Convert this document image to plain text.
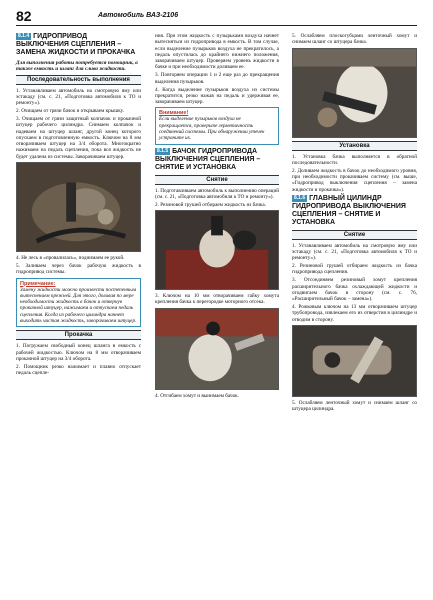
82	Автомобиль ВАЗ-2106
8.1.4 ГИДРОПРИВОД ВЫКЛЮЧЕНИЯ СЦЕПЛЕНИЯ – ЗАМЕНА ЖИДКОСТИ И ПРОКАЧКА
Для выполнения работы потребуется помощник, а также емкость и шланг для слива жидкости.
Последовательность выполнения
1. Устанавливаем автомобиль на смотровую яму или эстакаду (см. с. 21, «Подготовка автомобиля к ТО и ремонту»).
2. Очищаем от грязи бачок и открываем крышку.
3. Очищаем от грязи защитный колпачок и прокачной штуцер рабочего цилиндра. Снимаем колпачок и надеваем на штуцер шланг, другой конец которого опускаем в подготовленную емкость. Ключом на 8 мм отворачиваем штуцер на 3/4 оборота. Многократно нажимаем на педаль сцепления, пока вся жидкость не будет удалена из системы. Заворачиваем штуцер.
4. Не лесь в «провалилась», поднимаем ее рукой.
5. Заливаем через бачок рабочую жидкость в гидропривод системы.
Примечание:
Замену жидкости можно произвести постепенным вытеснением прежней. Для этого, доливая по мере необходимости жидкость в бачок и отвернув прокачной штуцер, нажимаем и отпускаем педаль сцепления. Когда из рабочего цилиндра начнет выходить чистая жидкость, заворачиваем штуцер.
Прокачка
1. Погружаем свободный конец шланга в емкость с рабочей жидкостью. Ключом на 8 мм отворачиваем прокачной штуцер на 3/4 оборота.
2. Помощник резко нажимает и плавно отпускает педаль сцепле-
ния. При этом жидкость с пузырьками воздуха начнет вытесняться из гидропривода в емкость. В том случае, если выделение пузырьков воздуха не прекратилось, а педаль опустилась до крайнего нижнего положения, заворачиваем штуцер. Проверяем уровень жидкости в бачке и при необходимости доливаем ее.
3. Повторяем операции 1 и 2 еще раз до прекращения выделения пузырьков.
4. Когда выделение пузырьков воздуха из системы прекратится, резко нажав на педаль и удерживая ее, заворачиваем штуцер.
Внимание!
Если выделение пузырьков воздуха не прекращается, проверьте герметичность соединений системы. При обнаружении утечек устраните их.
8.1.5 БАЧОК ГИДРОПРИВОДА ВЫКЛЮЧЕНИЯ СЦЕПЛЕНИЯ – СНЯТИЕ И УСТАНОВКА
Снятие
1. Подготавливаем автомобиль к выполнению операций (см. с. 21, «Подготовка автомобиля к ТО и ремонту»).
2. Резиновой грушей отбираем жидкость из бачка.
3. Ключом на 10 мм отворачиваем гайку хомута крепления бачка к перегородке моторного отсека.
4. Отгибаем хомут и вынимаем бачок.
5. Ослабляем плоскогубцами ленточный хомут и снимаем шланг со штуцера бачка.
Установка
1. Установка бачка выполняется в обратной последовательности.
2. Доливаем жидкость в бачок до необходимого уровня, при необходимости прокачиваем систему (см. выше, «Гидропривод выключения сцепления – замена жидкости и прокачка»).
8.1.6 ГЛАВНЫЙ ЦИЛИНДР ГИДРОПРИВОДА ВЫКЛЮЧЕНИЯ СЦЕПЛЕНИЯ – СНЯТИЕ И УСТАНОВКА
Снятие
1. Устанавливаем автомобиль на смотровую яму или эстакаду (см. с. 21, «Подготовка автомобиля к ТО и ремонту»).
2. Резиновой грушей отбираем жидкость из бачка гидропривода сцепления.
3. Отсоединяем резиновый хомут крепления расширительного бачка охлаждающей жидкости и отодвигаем бачок в сторону (см. с. 76, «Расширительный бачок – замена»).
4. Рожковым ключом на 13 мм отворачиваем штуцер трубопровода, извлекаем его из отверстия в цилиндре и отводим в сторону.
5. Ослабляем ленточный хомут и снимаем шланг со штуцера цилиндра.
